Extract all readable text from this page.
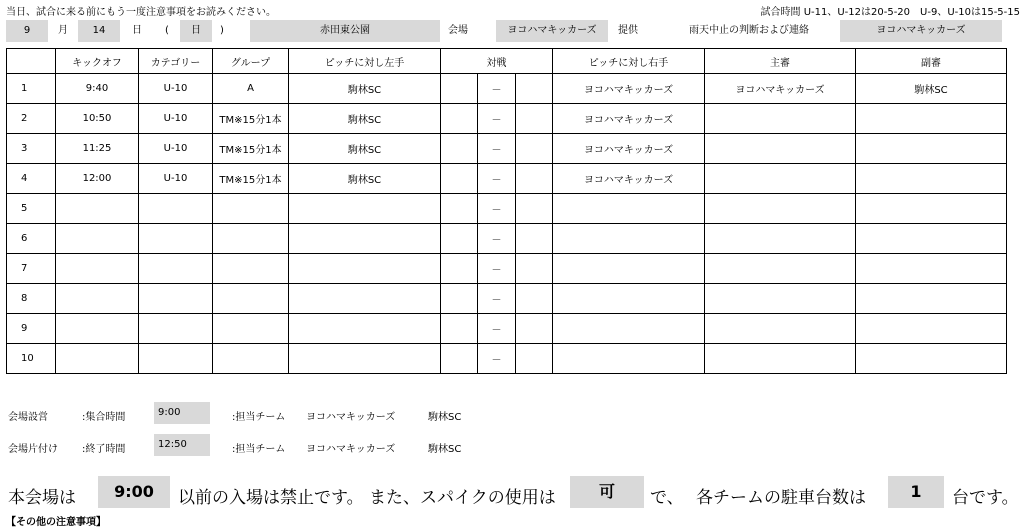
当日、試合に来る前にもう一度注意事項をお読みください。	試合時間 U-11、U-12は20-5-20　U-9、U-10は15-5-15
9	月	14	日	(	日	)	赤田東公園	会場	ヨコハマキッカーズ	提供	雨天中止の判断および連絡	ヨコハマキッカーズ
	キックオフ	カテゴリー	グループ	ピッチに対し左手	対戦			ピッチに対し右手	主審	副審
1	9:40	U-10	A	駒林SC		－		ヨコハマキッカーズ	ヨコハマキッカーズ	駒林SC
2	10:50	U-10	TM※15分1本	駒林SC		－		ヨコハマキッカーズ		
3	11:25	U-10	TM※15分1本	駒林SC		－		ヨコハマキッカーズ		
4	12:00	U-10	TM※15分1本	駒林SC		－		ヨコハマキッカーズ		
5						－				
6						－				
7						－				
8						－				
9						－				
10						－				
会場設営	:集合時間	9:00	:担当チーム ヨコハマキッカーズ	駒林SC
会場片付け :終了時間	12:50	:担当チーム ヨコハマキッカーズ	駒林SC
本会場は	9:00	以前の入場は禁止です。 また、スパイクの使用は	可	で、 各チームの駐車台数は	1	台です。
【その他の注意事項】
